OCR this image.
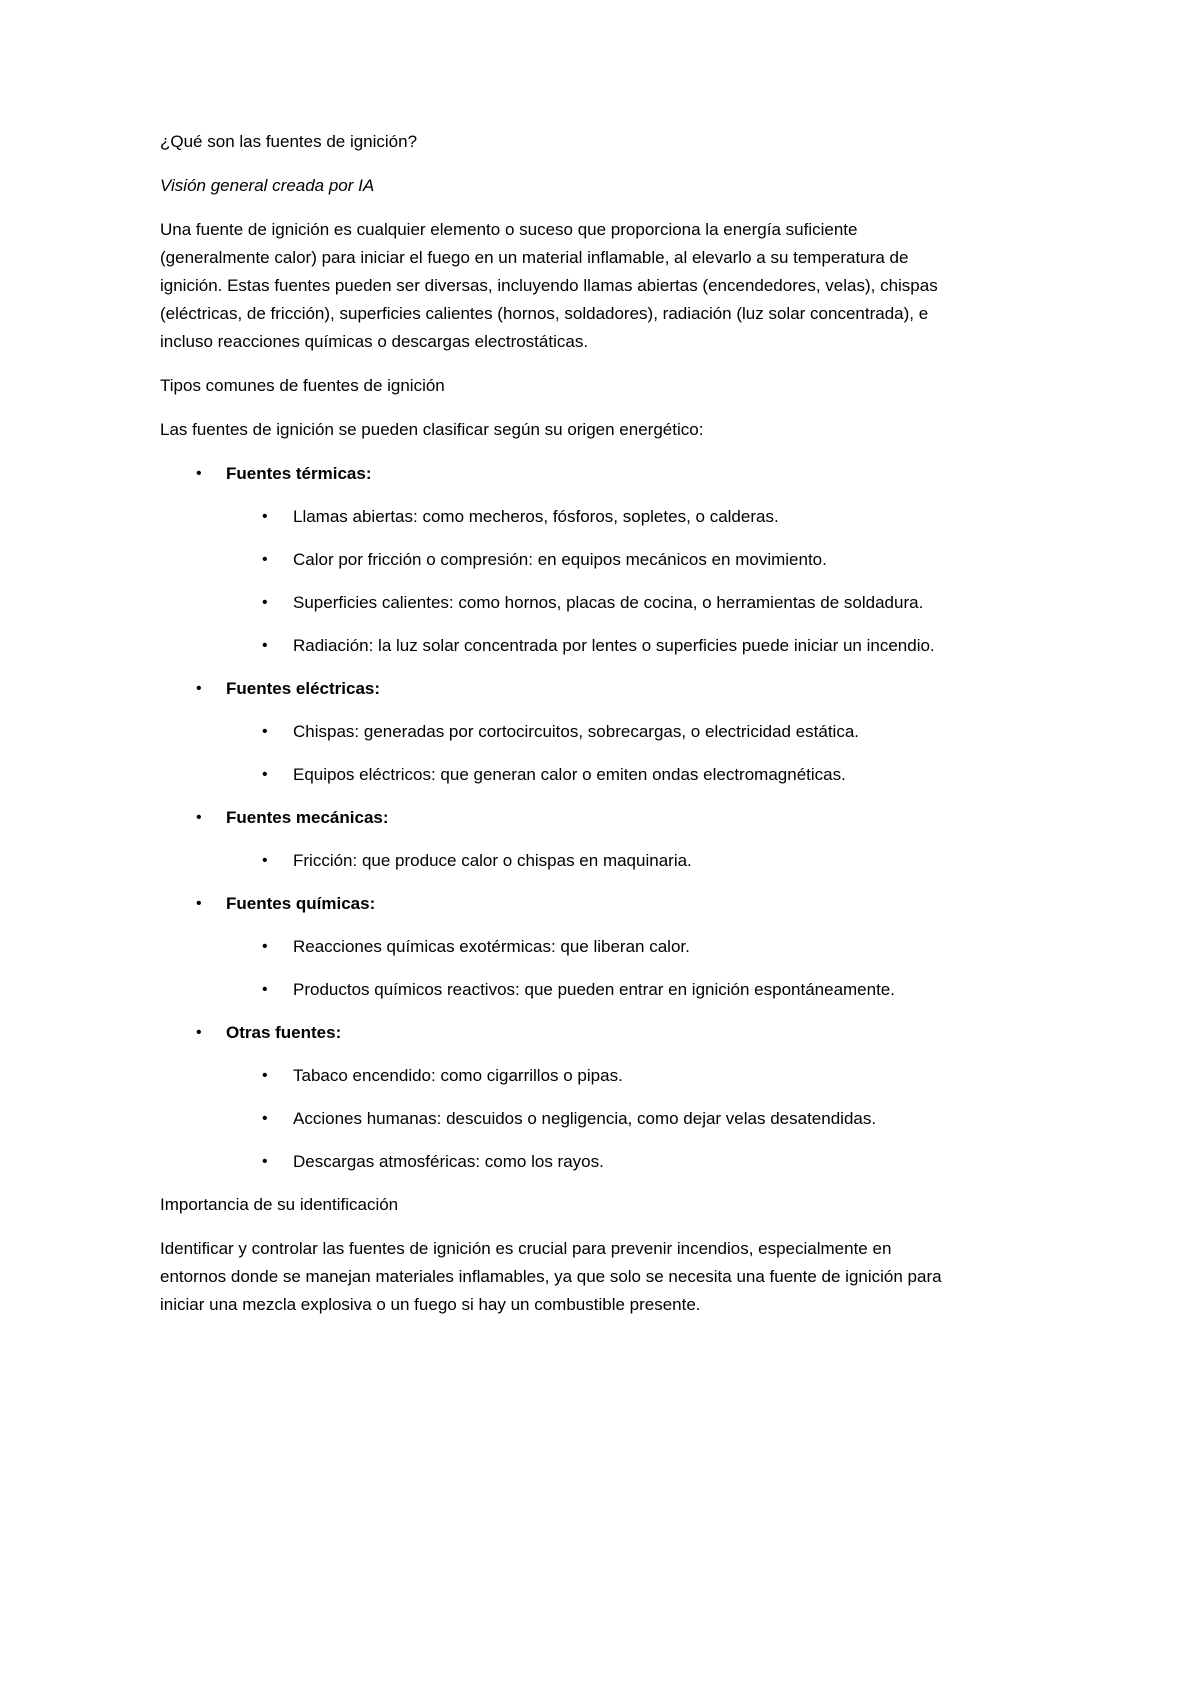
¿Qué son las fuentes de ignición?

Visión general creada por IA

Una fuente de ignición es cualquier elemento o suceso que proporciona la energía suficiente (generalmente calor) para iniciar el fuego en un material inflamable, al elevarlo a su temperatura de ignición. Estas fuentes pueden ser diversas, incluyendo llamas abiertas (encendedores, velas), chispas (eléctricas, de fricción), superficies calientes (hornos, soldadores), radiación (luz solar concentrada), e incluso reacciones químicas o descargas electrostáticas.

Tipos comunes de fuentes de ignición

Las fuentes de ignición se pueden clasificar según su origen energético:

•	Fuentes térmicas:
•	Llamas abiertas: como mecheros, fósforos, sopletes, o calderas.
•	Calor por fricción o compresión: en equipos mecánicos en movimiento.
•	Superficies calientes: como hornos, placas de cocina, o herramientas de soldadura.
•	Radiación: la luz solar concentrada por lentes o superficies puede iniciar un incendio.
•	Fuentes eléctricas:
•	Chispas: generadas por cortocircuitos, sobrecargas, o electricidad estática.
•	Equipos eléctricos: que generan calor o emiten ondas electromagnéticas.
•	Fuentes mecánicas:
•	Fricción: que produce calor o chispas en maquinaria.
•	Fuentes químicas:
•	Reacciones químicas exotérmicas: que liberan calor.
•	Productos químicos reactivos: que pueden entrar en ignición espontáneamente.
•	Otras fuentes:
•	Tabaco encendido: como cigarrillos o pipas.
•	Acciones humanas: descuidos o negligencia, como dejar velas desatendidas.
•	Descargas atmosféricas: como los rayos.

Importancia de su identificación

Identificar y controlar las fuentes de ignición es crucial para prevenir incendios, especialmente en entornos donde se manejan materiales inflamables, ya que solo se necesita una fuente de ignición para iniciar una mezcla explosiva o un fuego si hay un combustible presente.
